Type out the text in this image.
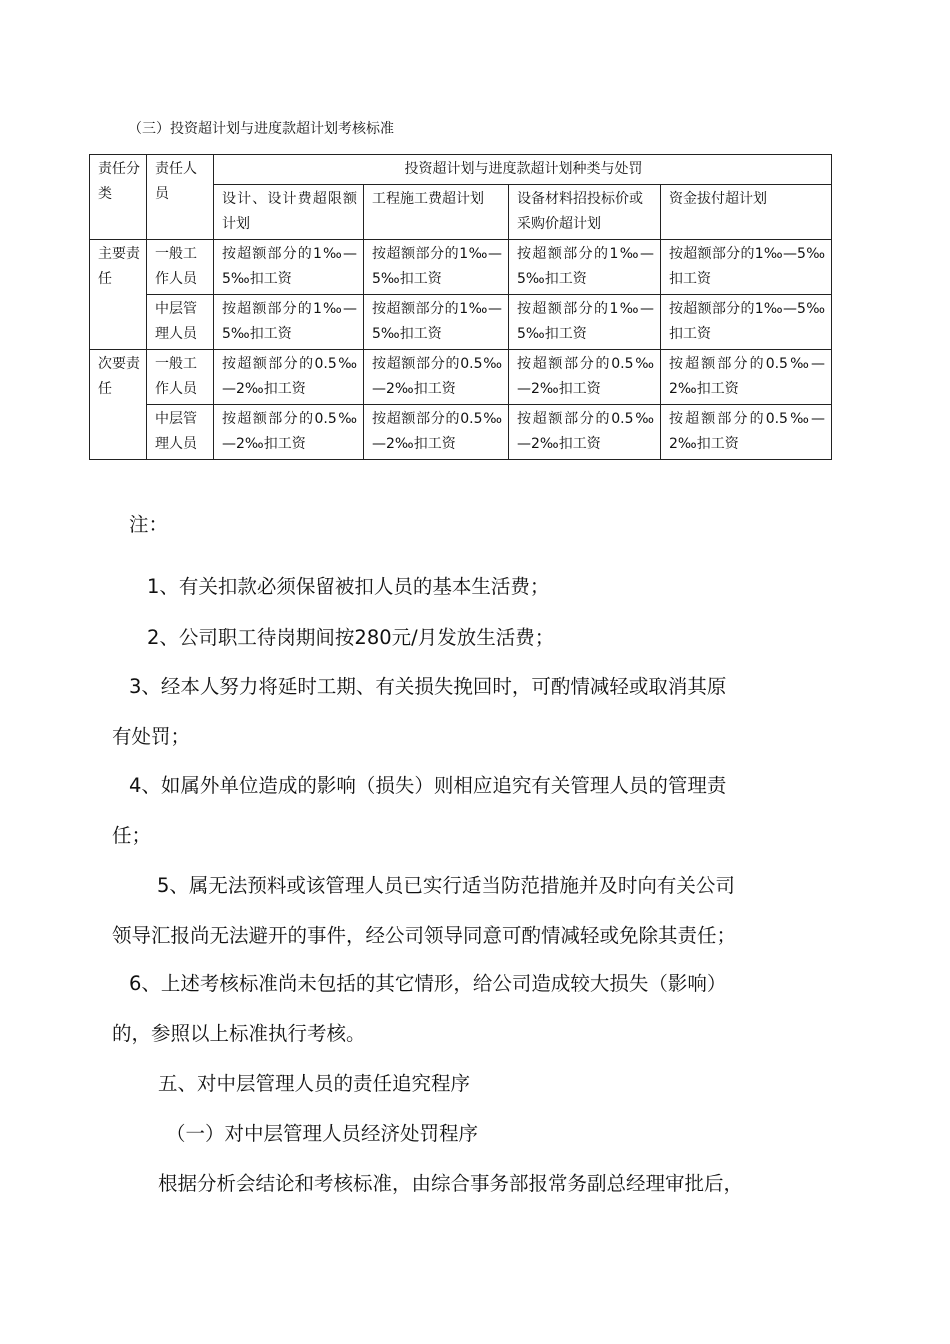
（三）投资超计划与进度款超计划考核标准
责任分类	责任人员	投资超计划与进度款超计划种类与处罚			
		设计、设计费超限额计划	工程施工费超计划	设备材料招投标价或采购价超计划	资金拔付超计划
主要责任	一般工作人员	按超额部分的1‰—5‰扣工资	按超额部分的1‰—5‰扣工资	按超额部分的1‰—5‰扣工资	按超额部分的1‰—5‰扣工资
	中层管理人员	按超额部分的1‰—5‰扣工资	按超额部分的1‰—5‰扣工资	按超额部分的1‰—5‰扣工资	按超额部分的1‰—5‰扣工资
次要责任	一般工作人员	按超额部分的0.5‰—2‰扣工资	按超额部分的0.5‰—2‰扣工资	按超额部分的0.5‰—2‰扣工资	按超额部分的0.5‰—2‰扣工资
	中层管理人员	按超额部分的0.5‰—2‰扣工资	按超额部分的0.5‰—2‰扣工资	按超额部分的0.5‰—2‰扣工资	按超额部分的0.5‰—2‰扣工资
注：
1、有关扣款必须保留被扣人员的基本生活费；
2、公司职工待岗期间按280元/月发放生活费；
3、经本人努力将延时工期、有关损失挽回时，可酌情减轻或取消其原
有处罚；
4、如属外单位造成的影响（损失）则相应追究有关管理人员的管理责
任；
5、属无法预料或该管理人员已实行适当防范措施并及时向有关公司
领导汇报尚无法避开的事件，经公司领导同意可酌情减轻或免除其责任；
6、上述考核标准尚未包括的其它情形，给公司造成较大损失（影响）
的，参照以上标准执行考核。
五、对中层管理人员的责任追究程序
（一）对中层管理人员经济处罚程序
根据分析会结论和考核标准，由综合事务部报常务副总经理审批后，
